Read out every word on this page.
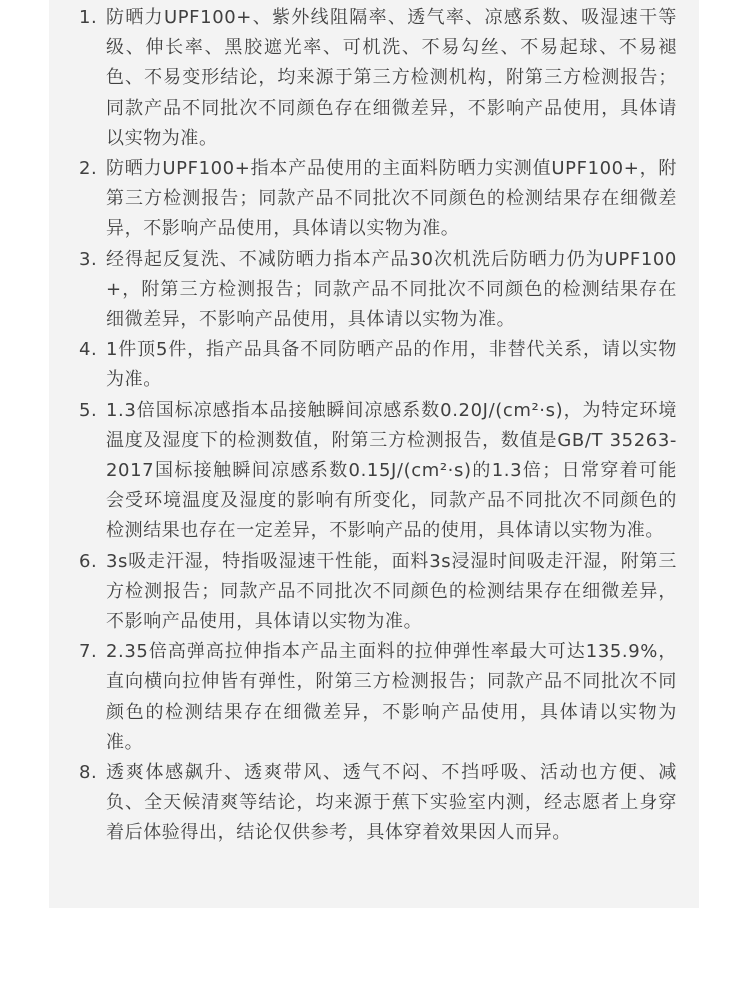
1. 防晒力UPF100+、紫外线阻隔率、透气率、凉感系数、吸湿速干等级、伸长率、黑胶遮光率、可机洗、不易勾丝、不易起球、不易褪色、不易变形结论，均来源于第三方检测机构，附第三方检测报告；同款产品不同批次不同颜色存在细微差异，不影响产品使用，具体请以实物为准。
2. 防晒力UPF100+指本产品使用的主面料防晒力实测值UPF100+，附第三方检测报告；同款产品不同批次不同颜色的检测结果存在细微差异，不影响产品使用，具体请以实物为准。
3. 经得起反复洗、不减防晒力指本产品30次机洗后防晒力仍为UPF100+，附第三方检测报告；同款产品不同批次不同颜色的检测结果存在细微差异，不影响产品使用，具体请以实物为准。
4. 1件顶5件，指产品具备不同防晒产品的作用，非替代关系，请以实物为准。
5. 1.3倍国标凉感指本品接触瞬间凉感系数0.20J/(cm²·s)，为特定环境温度及湿度下的检测数值，附第三方检测报告，数值是GB/T 35263-2017国标接触瞬间凉感系数0.15J/(cm²·s)的1.3倍；日常穿着可能会受环境温度及湿度的影响有所变化，同款产品不同批次不同颜色的检测结果也存在一定差异，不影响产品的使用，具体请以实物为准。
6. 3s吸走汗湿，特指吸湿速干性能，面料3s浸湿时间吸走汗湿，附第三方检测报告；同款产品不同批次不同颜色的检测结果存在细微差异，不影响产品使用，具体请以实物为准。
7. 2.35倍高弹高拉伸指本产品主面料的拉伸弹性率最大可达135.9%，直向横向拉伸皆有弹性，附第三方检测报告；同款产品不同批次不同颜色的检测结果存在细微差异，不影响产品使用，具体请以实物为准。
8. 透爽体感飙升、透爽带风、透气不闷、不挡呼吸、活动也方便、减负、全天候清爽等结论，均来源于蕉下实验室内测，经志愿者上身穿着后体验得出，结论仅供参考，具体穿着效果因人而异。
